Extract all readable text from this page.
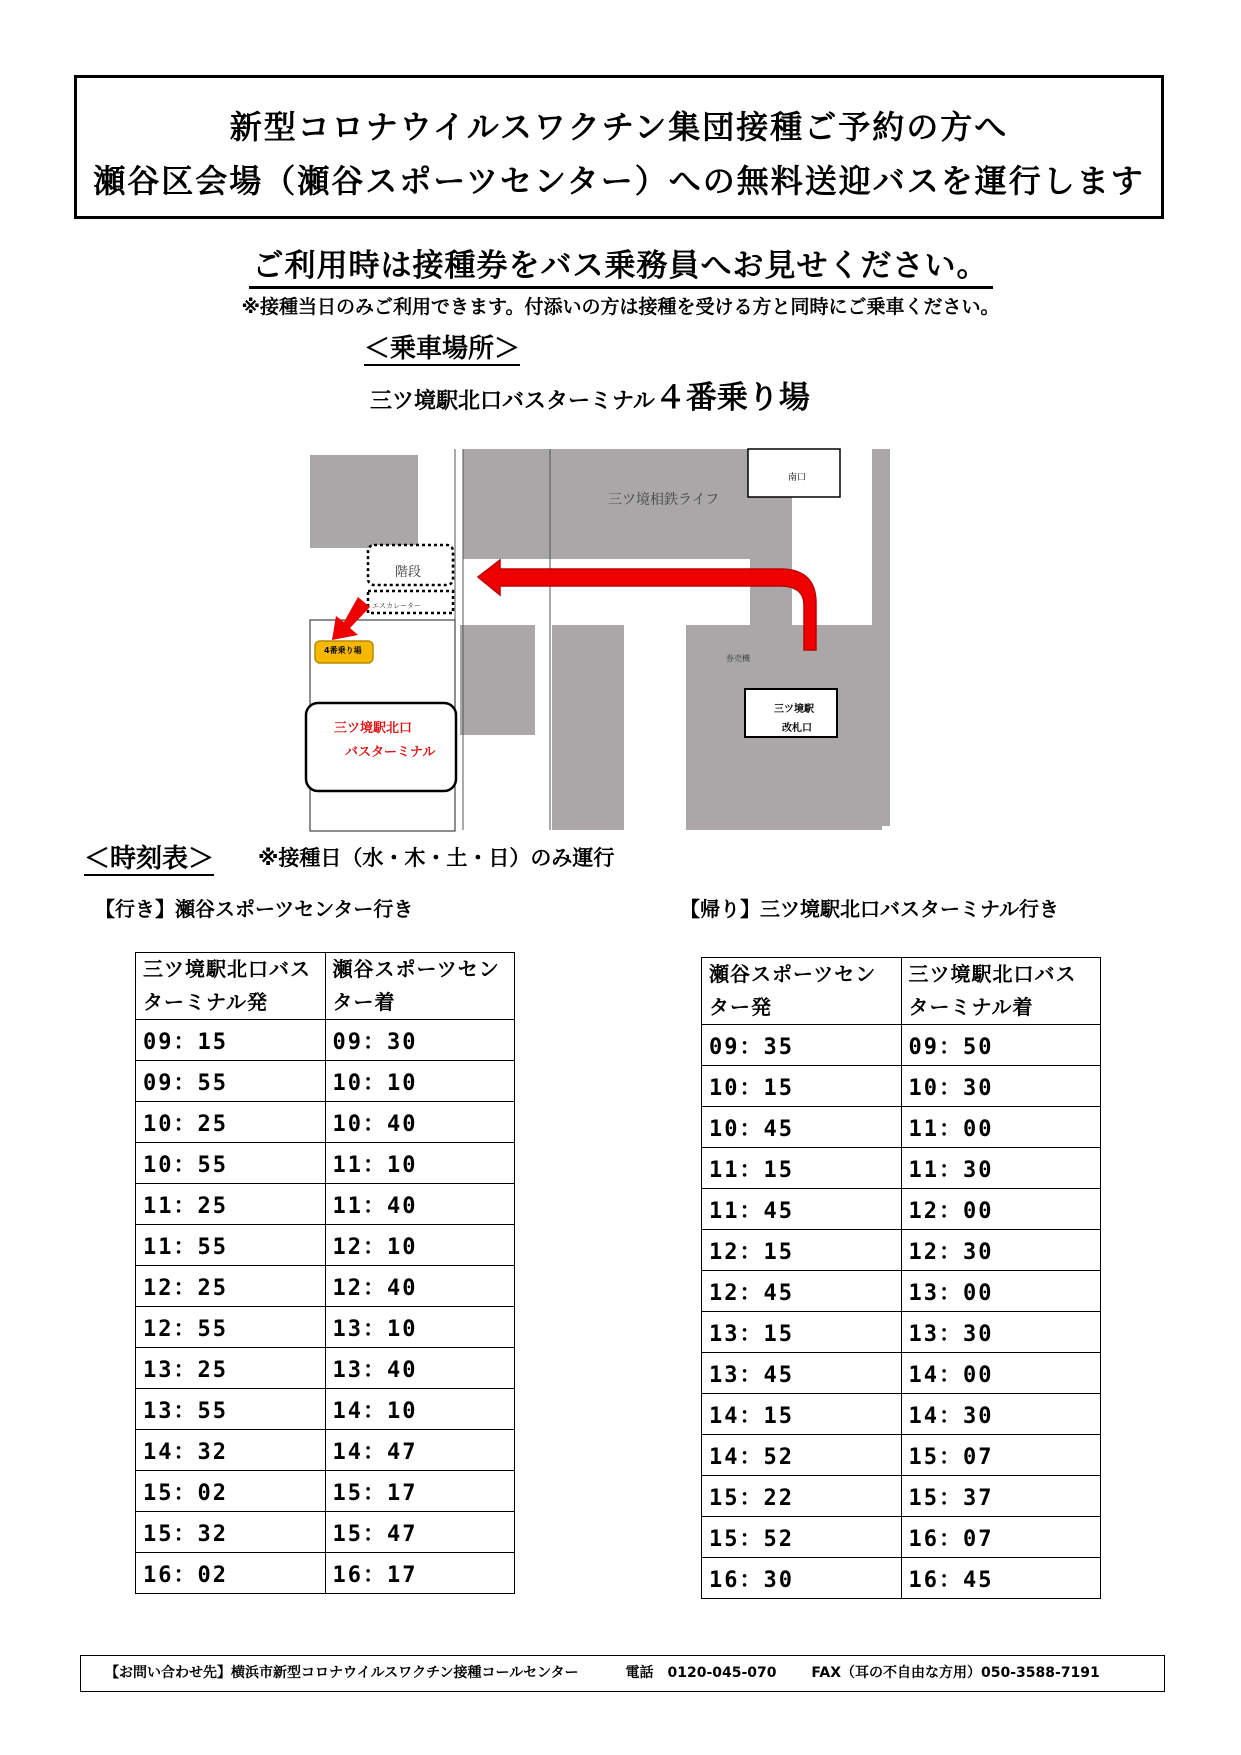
新型コロナウイルスワクチン集団接種ご予約の方へ
瀬谷区会場（瀬谷スポーツセンター）への無料送迎バスを運行します
ご利用時は接種券をバス乗務員へお見せください。
※接種当日のみご利用できます。付添いの方は接種を受ける方と同時にご乗車ください。
＜乗車場所＞
三ツ境駅北口バスターミナル４番乗り場
三ツ境相鉄ライフ
南口
階段
エスカレーター
4番乗り場
三ツ境駅北口
バスターミナル
券売機
三ツ境駅
改札口
＜時刻表＞ ※接種日（水・木・土・日）のみ運行
【行き】瀬谷スポーツセンター行き	【帰り】三ツ境駅北口バスターミナル行き
三ツ境駅北口バス
ターミナル発	瀬谷スポーツセン
ター着
09：15	09：30
09：55	10：10
10：25	10：40
10：55	11：10
11：25	11：40
11：55	12：10
12：25	12：40
12：55	13：10
13：25	13：40
13：55	14：10
14：32	14：47
15：02	15：17
15：32	15：47
16：02	16：17
瀬谷スポーツセン
ター発	三ツ境駅北口バス
ターミナル着
09：35	09：50
10：15	10：30
10：45	11：00
11：15	11：30
11：45	12：00
12：15	12：30
12：45	13：00
13：15	13：30
13：45	14：00
14：15	14：30
14：52	15：07
15：22	15：37
15：52	16：07
16：30	16：45
【お問い合わせ先】横浜市新型コロナウイルスワクチン接種コールセンター	電話　0120-045-070 FAX（耳の不自由な方用）050-3588-7191
